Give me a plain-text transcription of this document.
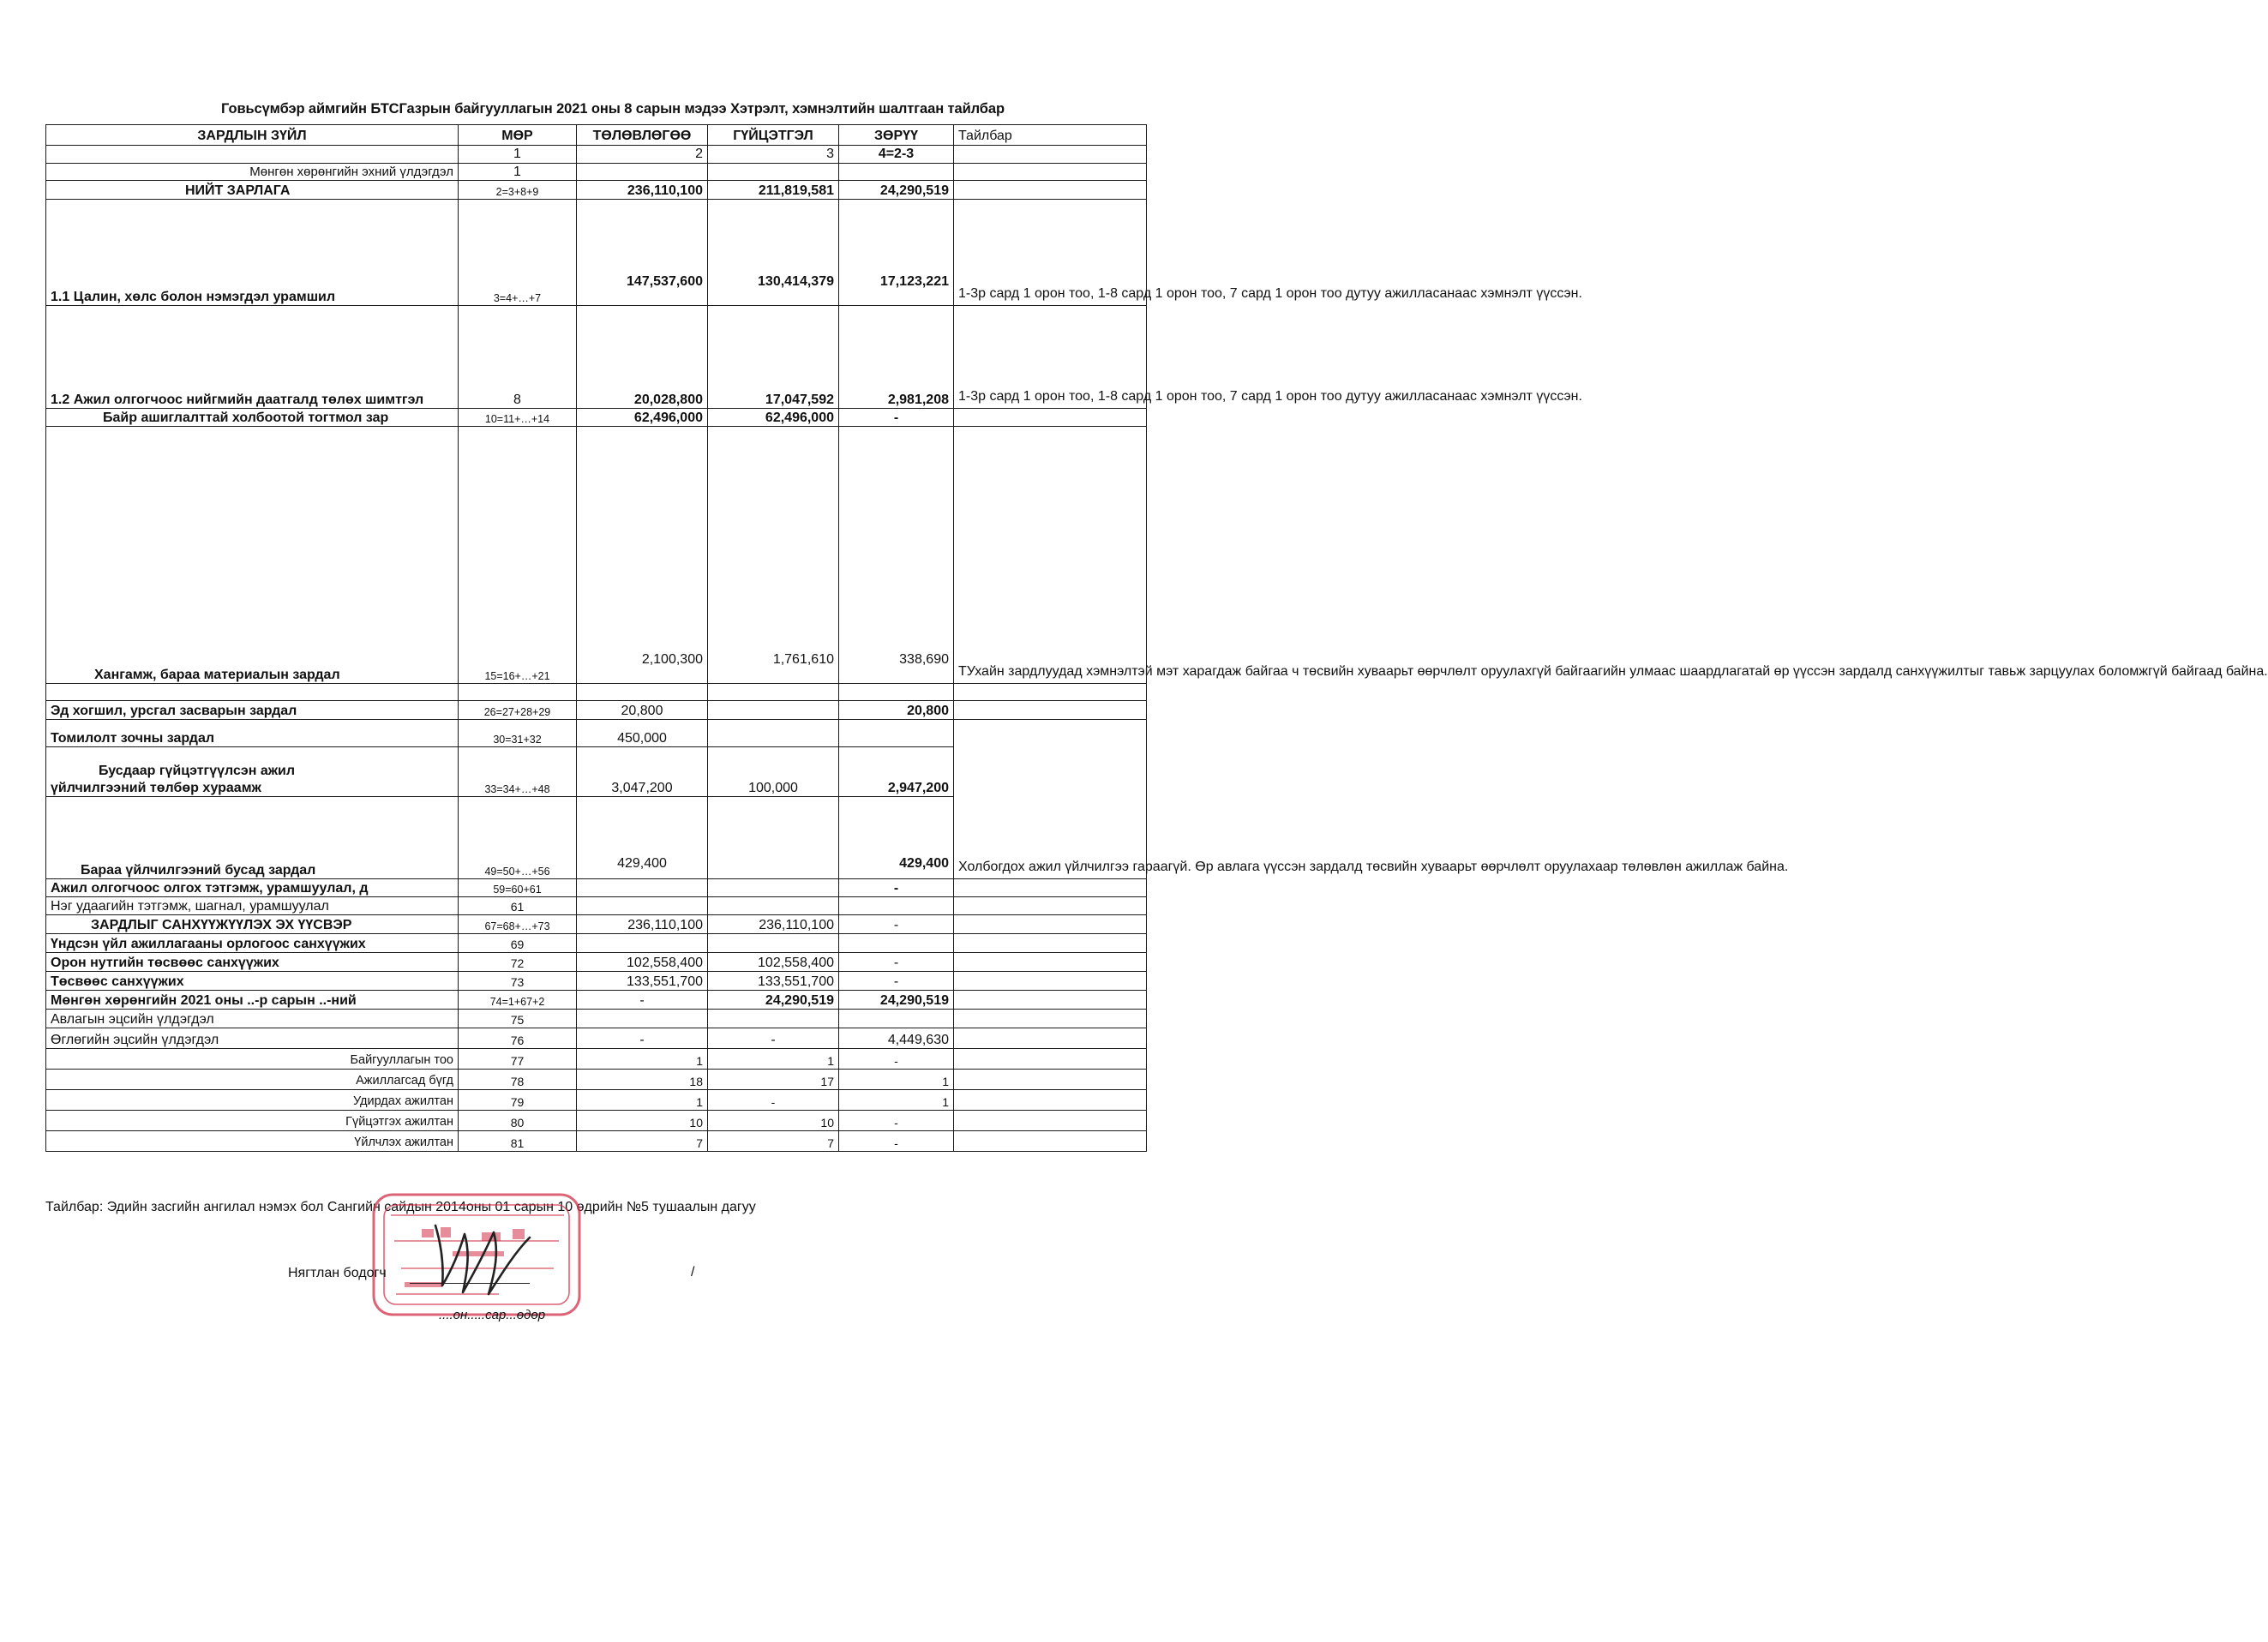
Говьсүмбэр аймгийн БТСГазрын байгууллагын 2021 оны 8 сарын мэдээ Хэтрэлт, хэмнэлтийн шалтгаан тайлбар
ЗАРДЛЫН ЗҮЙЛ	МӨР	ТӨЛӨВЛӨГӨӨ	ГҮЙЦЭТГЭЛ	ЗӨРҮҮ	Тайлбар
	1	2	3	4=2-3	
Мөнгөн хөрөнгийн эхний үлдэгдэл	1				
НИЙТ ЗАРЛАГА	2=3+8+9	236,110,100	211,819,581	24,290,519	
1.1 Цалин, хөлс болон нэмэгдэл урамшил	3=4+…+7	147,537,600	130,414,379	17,123,221	1-3р сард 1 орон тоо, 1-8 сард 1 орон тоо, 7 сард 1 орон тоо дутуу ажилласанаас хэмнэлт үүссэн.
1.2 Ажил олгогчоос нийгмийн даатгалд төлөх шимтгэл	8	20,028,800	17,047,592	2,981,208	1-3р сард 1 орон тоо, 1-8 сард 1 орон тоо, 7 сард 1 орон тоо дутуу ажилласанаас хэмнэлт үүссэн.
Байр ашиглалттай холбоотой тогтмол зар	10=11+…+14	62,496,000	62,496,000	-	
Хангамж, бараа материалын зардал	15=16+…+21	2,100,300	1,761,610	338,690	ТУхайн зардлуудад хэмнэлтэй мэт харагдаж байгаа ч төсвийн хуваарьт өөрчлөлт оруулахгүй байгаагийн улмаас шаардлагатай өр үүссэн зардалд санхүүжилтыг тавьж зарцуулах боломжгүй байгаад байна.

Эд хогшил, урсгал засварын зардал	26=27+28+29	20,800		20,800	
Томилолт зочны зардал	30=31+32	450,000			Холбогдох ажил үйлчилгээ гараагүй. Өр авлага үүссэн зардалд төсвийн хуваарьт өөрчлөлт оруулахаар төлөвлөн ажиллаж байна.

Бусдаар гүйцэтгүүлсэн ажил
үйлчилгээний төлбөр хураамж	33=34+…+48	3,047,200	100,000	2,947,200	
Бараа үйлчилгээний бусад зардал	49=50+…+56	429,400		429,400	
Ажил олгогчоос олгох тэтгэмж, урамшуулал, д	59=60+61			-	
Нэг удаагийн тэтгэмж, шагнал, урамшуулал	61				
ЗАРДЛЫГ САНХҮҮЖҮҮЛЭХ ЭХ ҮҮСВЭР	67=68+…+73	236,110,100	236,110,100	-	
Үндсэн үйл ажиллагааны орлогоос санхүүжих	69				
Орон нутгийн төсвөөс санхүүжих	72	102,558,400	102,558,400	-	
Төсвөөс санхүүжих	73	133,551,700	133,551,700	-	
Мөнгөн хөрөнгийн 2021 оны ..-р сарын ..-ний	74=1+67+2	-	24,290,519	24,290,519	
Авлагын эцсийн үлдэгдэл	75				
Өглөгийн эцсийн үлдэгдэл	76	-	-	4,449,630	
Байгууллагын тоо	77	1	1	-	
Ажиллагсад бүгд	78	18	17	1	
Удирдах ажилтан	79	1	-	1	
Гүйцэтгэх ажилтан	80	10	10	-	
Үйлчлэх ажилтан	81	7	7	-	
Тайлбар: Эдийн засгийн ангилал нэмэх бол Сангийн сайдын 2014оны 01 сарын 10 өдрийн №5 тушаалын дагуу
Нягтлан бодогч	/
....он.....сар...өдөр
